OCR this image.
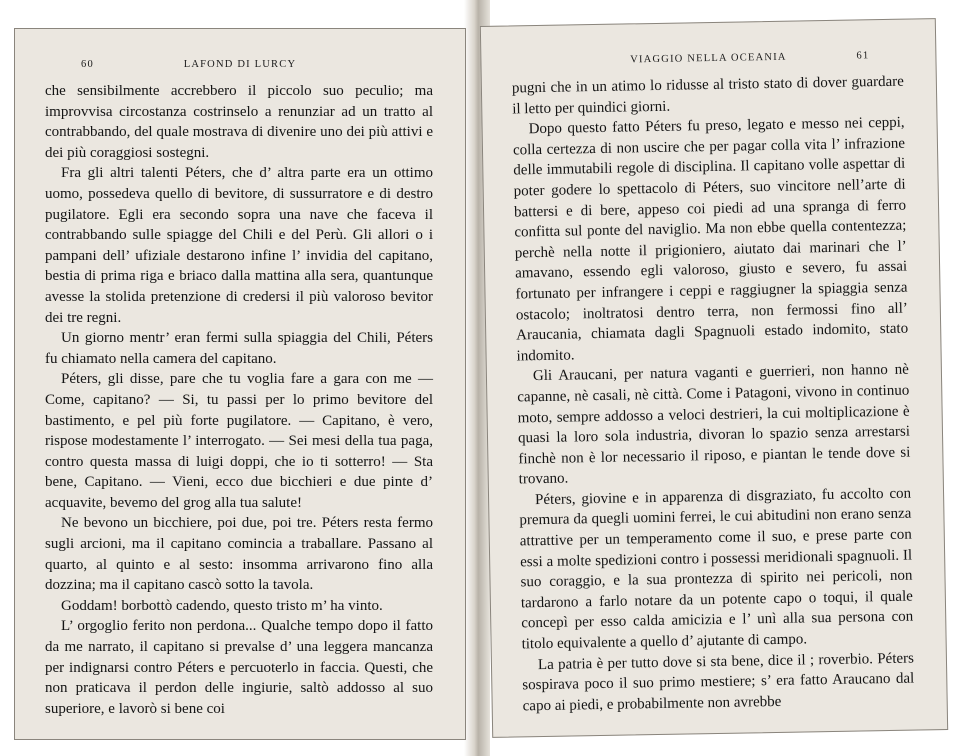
60	LAFOND DI LURCY

che sensibilmente accrebbero il piccolo suo peculio; ma improvvisa circostanza costrinselo a renunziar ad un tratto al contrabbando, del quale mostrava di divenire uno dei più attivi e dei più coraggiosi sostegni.

Fra gli altri talenti Péters, che d’ altra parte era un ottimo uomo, possedeva quello di bevitore, di sussurratore e di destro pugilatore. Egli era secondo sopra una nave che faceva il contrabbando sulle spiagge del Chili e del Perù. Gli allori o i pampani dell’ ufiziale destarono infine l’ invidia del capitano, bestia di prima riga e briaco dalla mattina alla sera, quantunque avesse la stolida pretenzione di credersi il più valoroso bevitor dei tre regni.

Un giorno mentr’ eran fermi sulla spiaggia del Chili, Péters fu chiamato nella camera del capitano.

Péters, gli disse, pare che tu voglia fare a gara con me — Come, capitano? — Si, tu passi per lo primo bevitore del bastimento, e pel più forte pugilatore. — Capitano, è vero, rispose modestamente l’ interrogato. — Sei mesi della tua paga, contro questa massa di luigi doppi, che io ti sotterro! — Sta bene, Capitano. — Vieni, ecco due bicchieri e due pinte d’ acquavite, bevemo del grog alla tua salute!

Ne bevono un bicchiere, poi due, poi tre. Péters resta fermo sugli arcioni, ma il capitano comincia a traballare. Passano al quarto, al quinto e al sesto: insomma arrivarono fino alla dozzina; ma il capitano cascò sotto la tavola.

Goddam! borbottò cadendo, questo tristo m’ ha vinto.

L’ orgoglio ferito non perdona... Qualche tempo dopo il fatto da me narrato, il capitano si prevalse d’ una leggera mancanza per indignarsi contro Péters e percuoterlo in faccia. Questi, che non praticava il perdon delle ingiurie, saltò addosso al suo superiore, e lavorò si bene coi

VIAGGIO NELLA OCEANIA	61

pugni che in un atimo lo ridusse al tristo stato di dover guardare il letto per quindici giorni.

Dopo questo fatto Péters fu preso, legato e messo nei ceppi, colla certezza di non uscire che per pagar colla vita l’ infrazione delle immutabili regole di disciplina. Il capitano volle aspettar di poter godere lo spettacolo di Péters, suo vincitore nell’arte di battersi e di bere, appeso coi piedi ad una spranga di ferro confitta sul ponte del naviglio. Ma non ebbe quella contentezza; perchè nella notte il prigioniero, aiutato dai marinari che l’ amavano, essendo egli valoroso, giusto e severo, fu assai fortunato per infrangere i ceppi e raggiugner la spiaggia senza ostacolo; inoltratosi dentro terra, non fermossi fino all’ Araucania, chiamata dagli Spagnuoli estado indomito, stato indomito.

Gli Araucani, per natura vaganti e guerrieri, non hanno nè capanne, nè casali, nè città. Come i Patagoni, vivono in continuo moto, sempre addosso a veloci destrieri, la cui moltiplicazione è quasi la loro sola industria, divoran lo spazio senza arrestarsi finchè non è lor necessario il riposo, e piantan le tende dove si trovano.

Péters, giovine e in apparenza di disgraziato, fu accolto con premura da quegli uomini ferrei, le cui abitudini non erano senza attrattive per un temperamento come il suo, e prese parte con essi a molte spedizioni contro i possessi meridionali spagnuoli. Il suo coraggio, e la sua prontezza di spirito nei pericoli, non tardarono a farlo notare da un potente capo o toqui, il quale concepì per esso calda amicizia e l’ unì alla sua persona con titolo equivalente a quello d’ ajutante di campo.

La patria è per tutto dove si sta bene, dice il ; roverbio. Péters sospirava poco il suo primo mestiere; s’ era fatto Araucano dal capo ai piedi, e probabilmente non avrebbe
